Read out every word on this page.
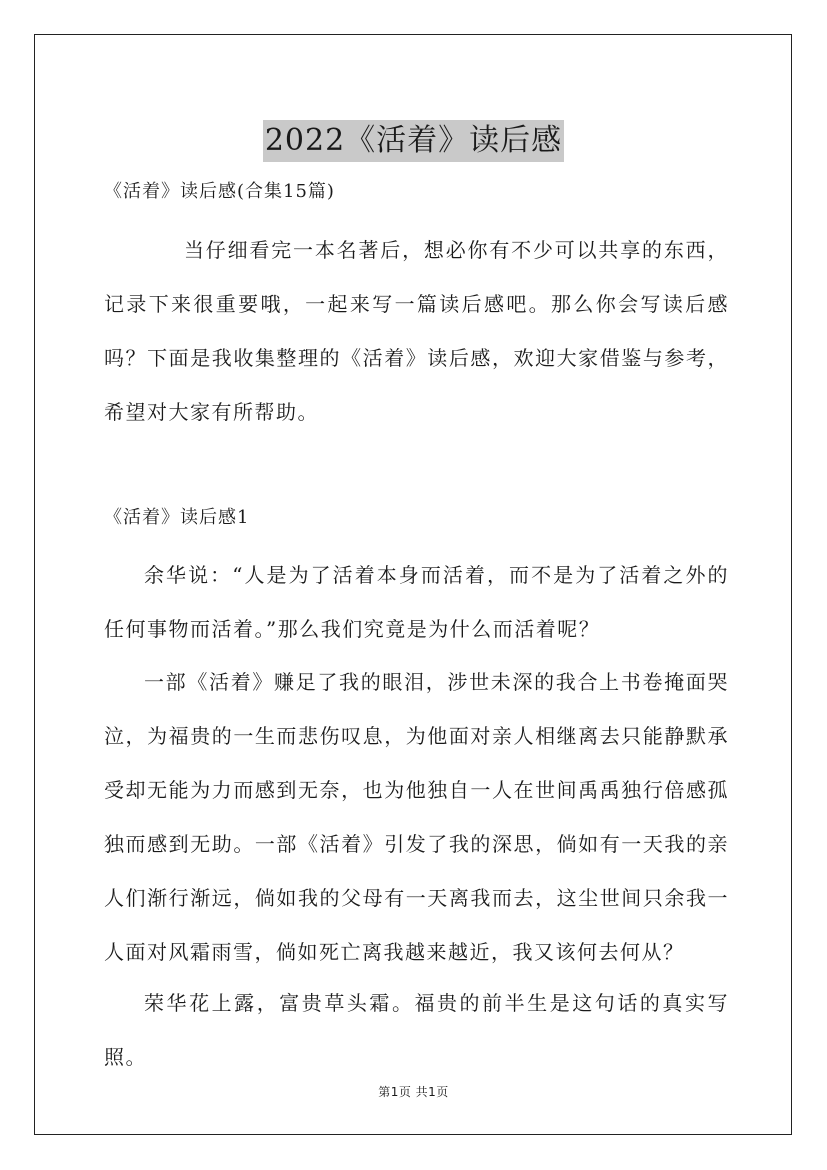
2022《活着》读后感
《活着》读后感(合集15篇)

当仔细看完一本名著后，想必你有不少可以共享的东西，记录下来很重要哦，一起来写一篇读后感吧。那么你会写读后感吗？下面是我收集整理的《活着》读后感，欢迎大家借鉴与参考，希望对大家有所帮助。

《活着》读后感1

余华说：“人是为了活着本身而活着，而不是为了活着之外的任何事物而活着。”那么我们究竟是为什么而活着呢？

一部《活着》赚足了我的眼泪，涉世未深的我合上书卷掩面哭泣，为福贵的一生而悲伤叹息，为他面对亲人相继离去只能静默承受却无能为力而感到无奈，也为他独自一人在世间禹禹独行倍感孤独而感到无助。一部《活着》引发了我的深思，倘如有一天我的亲人们渐行渐远，倘如我的父母有一天离我而去，这尘世间只余我一人面对风霜雨雪，倘如死亡离我越来越近，我又该何去何从？

荣华花上露，富贵草头霜。福贵的前半生是这句话的真实写照。

第1页 共1页
